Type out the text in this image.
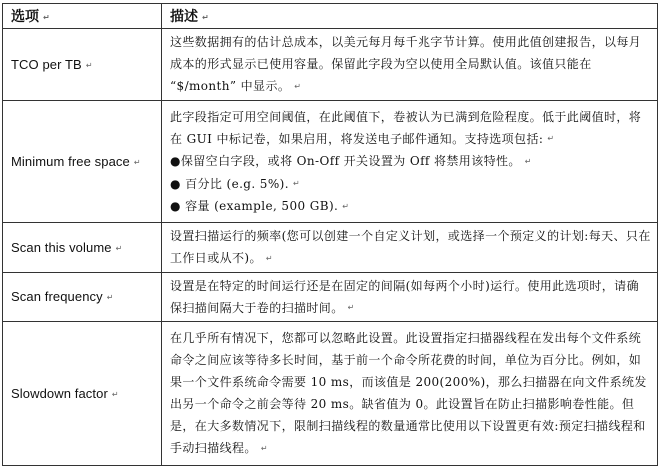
选项 ↵	描述 ↵
TCO per TB ↵	这些数据拥有的估计总成本，以美元每月每千兆字节计算。使用此值创建报告，以每月成本的形式显示已使用容量。保留此字段为空以使用全局默认值。该值只能在 “$/month” 中显示。 ↵
Minimum free space ↵	此字段指定可用空间阈值，在此阈值下，卷被认为已满到危险程度。低于此阈值时，将在 GUI 中标记卷，如果启用，将发送电子邮件通知。支持选项包括: ↵
●保留空白字段，或将 On-Off 开关设置为 Off 将禁用该特性。 ↵
● 百分比 (e.g. 5%). ↵
● 容量 (example, 500 GB). ↵

Scan this volume ↵	设置扫描运行的频率(您可以创建一个自定义计划，或选择一个预定义的计划:每天、只在工作日或从不)。 ↵
Scan frequency ↵	设置是在特定的时间运行还是在固定的间隔(如每两个小时)运行。使用此选项时，请确保扫描间隔大于卷的扫描时间。 ↵
Slowdown factor ↵	在几乎所有情况下，您都可以忽略此设置。此设置指定扫描器线程在发出每个文件系统命令之间应该等待多长时间，基于前一个命令所花费的时间，单位为百分比。例如，如果一个文件系统命令需要 10 ms，而该值是 200(200%)，那么扫描器在向文件系统发出另一个命令之前会等待 20 ms。缺省值为 0。此设置旨在防止扫描影响卷性能。但是，在大多数情况下，限制扫描线程的数量通常比使用以下设置更有效:预定扫描线程和手动扫描线程。 ↵
